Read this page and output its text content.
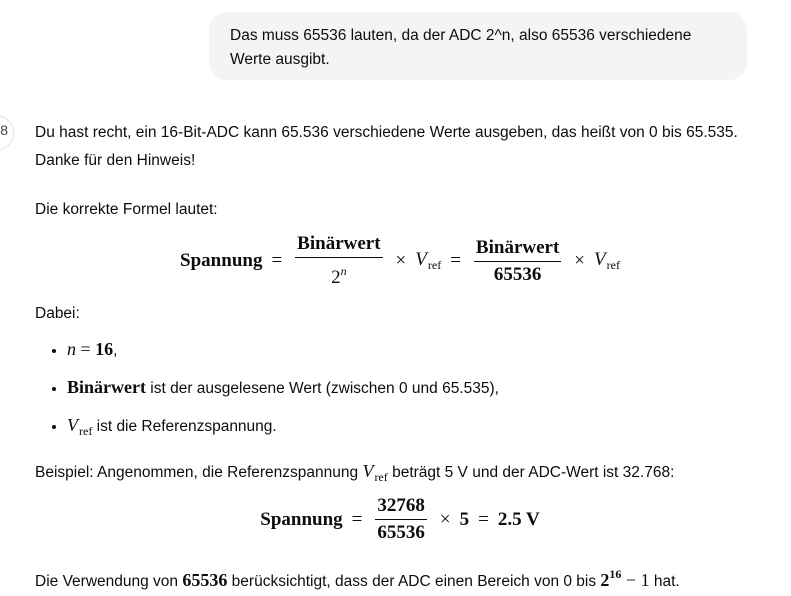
Das muss 65536 lauten, da der ADC 2^n, also 65536 verschiedene Werte ausgibt.
8 Du hast recht, ein 16-Bit-ADC kann 65.536 verschiedene Werte ausgeben, das heißt von 0 bis 65.535. Danke für den Hinweis!
Die korrekte Formel lautet:
Spannung = $\frac{\text{Binärwert}}{2^n} \times V_{ref} = \frac{\text{Binärwert}}{65536} \times V_{ref}$
Dabei:
• n = 16,
• Binärwert ist der ausgelesene Wert (zwischen 0 und 65.535),
• $V_{ref}$ ist die Referenzspannung.
Beispiel: Angenommen, die Referenzspannung $V_{ref}$ beträgt 5 V und der ADC-Wert ist 32.768:
Spannung = $\frac{32768}{65536} \times 5 = 2.5$ V
Die Verwendung von 65536 berücksichtigt, dass der ADC einen Bereich von 0 bis $2^{16} - 1$ hat.
